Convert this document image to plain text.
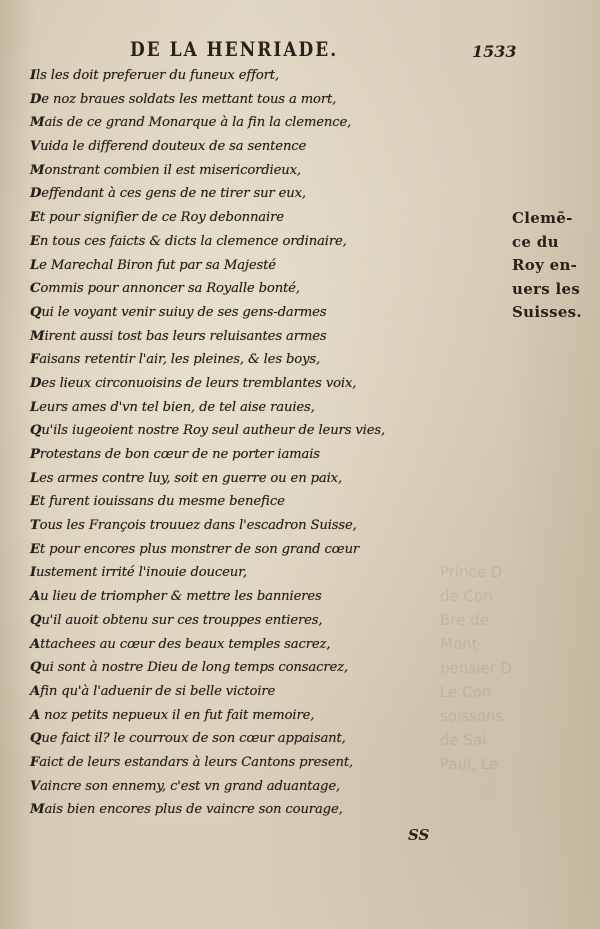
Prince D
de Con
Bre de
Mont-
pensier D
Le Con
soissons
de Sai
Paul, Le
DE LA HENRIADE.	1533
Ils les doit preferuer du funeux effort,
De noz braues soldats les mettant tous a mort,
Mais de ce grand Monarque à la fin la clemence,
Vuida le differend douteux de sa sentence
Monstrant combien il est misericordieux,
Deffendant à ces gens de ne tirer sur eux,
Et pour signifier de ce Roy debonnaire
En tous ces faicts & dicts la clemence ordinaire,
Le Marechal Biron fut par sa Majesté
Commis pour annoncer sa Royalle bonté,
Qui le voyant venir suiuy de ses gens-darmes
Mirent aussi tost bas leurs reluisantes armes
Faisans retentir l'air, les pleines, & les boys,
Des lieux circonuoisins de leurs tremblantes voix,
Leurs ames d'vn tel bien, de tel aise rauies,
Qu'ils iugeoient nostre Roy seul autheur de leurs vies,
Protestans de bon cœur de ne porter iamais
Les armes contre luy, soit en guerre ou en paix,
Et furent iouissans du mesme benefice
Tous les François trouuez dans l'escadron Suisse,
Et pour encores plus monstrer de son grand cœur
Iustement irrité l'inouie douceur,
Au lieu de triompher & mettre les bannieres
Qu'il auoit obtenu sur ces trouppes entieres,
Attachees au cœur des beaux temples sacrez,
Qui sont à nostre Dieu de long temps consacrez,
Afin qu'à l'aduenir de si belle victoire
A noz petits nepueux il en fut fait memoire,
Que faict il? le courroux de son cœur appaisant,
Faict de leurs estandars à leurs Cantons present,
Vaincre son ennemy, c'est vn grand aduantage,
Mais bien encores plus de vaincre son courage,
Clemē-
ce du
Roy en-
uers les
Suisses.
SS
